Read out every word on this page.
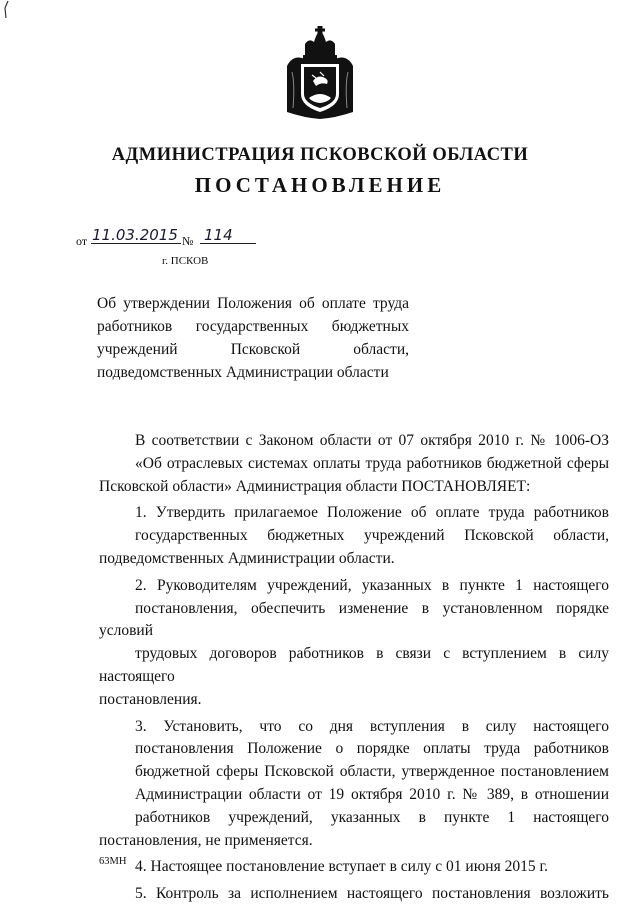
АДМИНИСТРАЦИЯ ПСКОВСКОЙ ОБЛАСТИ
ПОСТАНОВЛЕНИЕ
от 11.03.2015 № 114
г. ПСКОВ
Об утверждении Положения об оплате труда
работников государственных бюджетных
учреждений Псковской области,
подведомственных Администрации области

В соответствии с Законом области от 07 октября 2010 г. № 1006-ОЗ
«Об отраслевых системах оплаты труда работников бюджетной сферы
Псковской области» Администрация области ПОСТАНОВЛЯЕТ:

1. Утвердить прилагаемое Положение об оплате труда работников
государственных бюджетных учреждений Псковской области,
подведомственных Администрации области.

2. Руководителям учреждений, указанных в пункте 1 настоящего
постановления, обеспечить изменение в установленном порядке условий
трудовых договоров работников в связи с вступлением в силу настоящего
постановления.

3. Установить, что со дня вступления в силу настоящего
постановления Положение о порядке оплаты труда работников
бюджетной сферы Псковской области, утвержденное постановлением
Администрации области от 19 октября 2010 г. № 389, в отношении
работников учреждений, указанных в пункте 1 настоящего
постановления, не применяется.

4. Настоящее постановление вступает в силу с 01 июня 2015 г.

5. Контроль за исполнением настоящего постановления возложить

63МН
